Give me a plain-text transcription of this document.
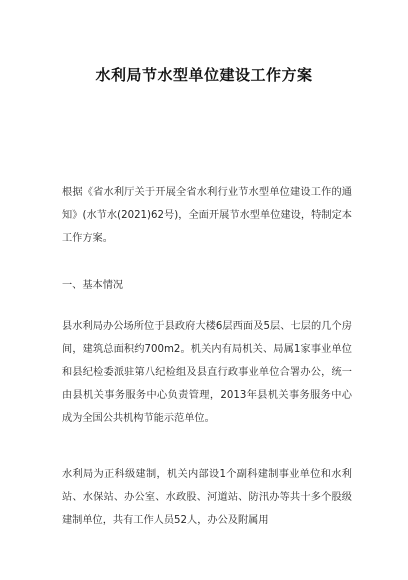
水利局节水型单位建设工作方案
根据《省水利厅关于开展全省水利行业节水型单位建设工作的通知》(水节水(2021)62号)，全面开展节水型单位建设，特制定本工作方案。
一、基本情况
县水利局办公场所位于县政府大楼6层西面及5层、七层的几个房间，建筑总面积约700m2。机关内有局机关、局属1家事业单位和县纪检委派驻第八纪检组及县直行政事业单位合署办公，统一由县机关事务服务中心负责管理，2013年县机关事务服务中心成为全国公共机构节能示范单位。
水利局为正科级建制，机关内部设1个副科建制事业单位和水利站、水保站、办公室、水政股、河道站、防汛办等共十多个股级建制单位，共有工作人员52人，办公及附属用
